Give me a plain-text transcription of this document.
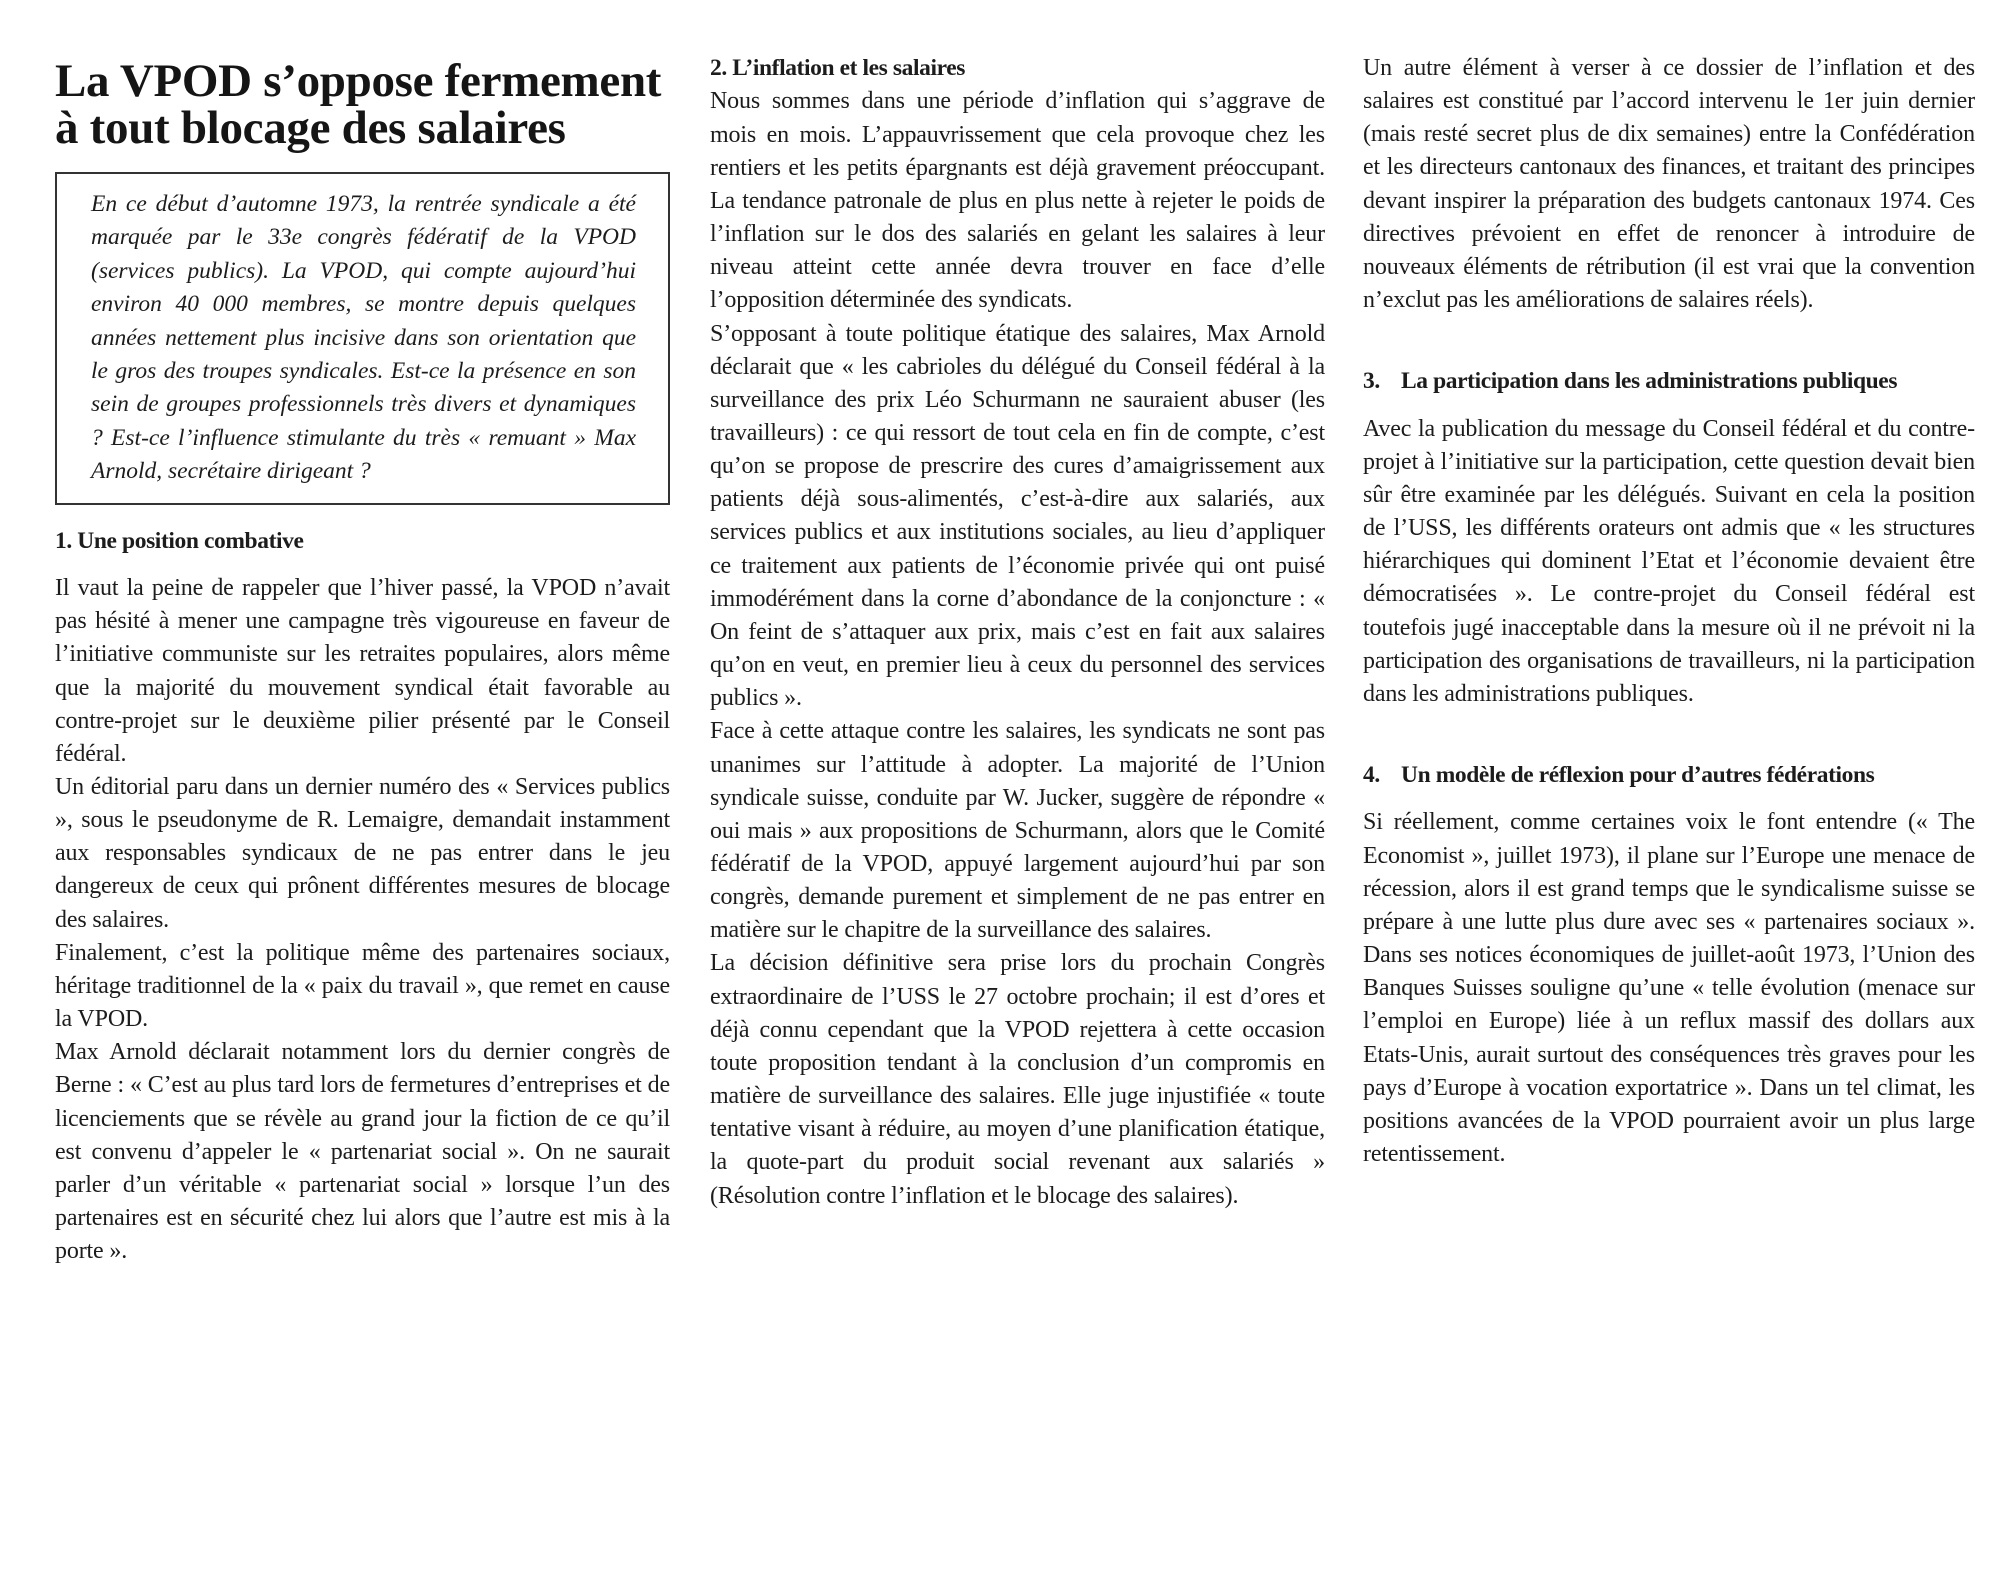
La VPOD s’oppose fermement à tout blocage des salaires
En ce début d’automne 1973, la rentrée syndicale a été marquée par le 33e congrès fédératif de la VPOD (services publics). La VPOD, qui compte aujourd’hui environ 40 000 membres, se montre depuis quelques années nettement plus incisive dans son orientation que le gros des troupes syndicales. Est-ce la présence en son sein de groupes professionnels très divers et dynamiques ? Est-ce l’influence stimulante du très « remuant » Max Arnold, secrétaire dirigeant ?
1. Une position combative

Il vaut la peine de rappeler que l’hiver passé, la VPOD n’avait pas hésité à mener une campagne très vigoureuse en faveur de l’initiative communiste sur les retraites populaires, alors même que la majorité du mouvement syndical était favorable au contre-projet sur le deuxième pilier présenté par le Conseil fédéral.

Un éditorial paru dans un dernier numéro des « Services publics », sous le pseudonyme de R. Lemaigre, demandait instamment aux responsables syndicaux de ne pas entrer dans le jeu dangereux de ceux qui prônent différentes mesures de blocage des salaires.

Finalement, c’est la politique même des partenaires sociaux, héritage traditionnel de la « paix du travail », que remet en cause la VPOD.

Max Arnold déclarait notamment lors du dernier congrès de Berne : « C’est au plus tard lors de fermetures d’entreprises et de licenciements que se révèle au grand jour la fiction de ce qu’il est convenu d’appeler le « partenariat social ». On ne saurait parler d’un véritable « partenariat social » lorsque l’un des partenaires est en sécurité chez lui alors que l’autre est mis à la porte ».

2. L’inflation et les salaires

Nous sommes dans une période d’inflation qui s’aggrave de mois en mois. L’appauvrissement que cela provoque chez les rentiers et les petits épargnants est déjà gravement préoccupant. La tendance patronale de plus en plus nette à rejeter le poids de l’inflation sur le dos des salariés en gelant les salaires à leur niveau atteint cette année devra trouver en face d’elle l’opposition déterminée des syndicats.

S’opposant à toute politique étatique des salaires, Max Arnold déclarait que « les cabrioles du délégué du Conseil fédéral à la surveillance des prix Léo Schurmann ne sauraient abuser (les travailleurs) : ce qui ressort de tout cela en fin de compte, c’est qu’on se propose de prescrire des cures d’amaigrissement aux patients déjà sous-alimentés, c’est-à-dire aux salariés, aux services publics et aux institutions sociales, au lieu d’appliquer ce traitement aux patients de l’économie privée qui ont puisé immodérément dans la corne d’abondance de la conjoncture : « On feint de s’attaquer aux prix, mais c’est en fait aux salaires qu’on en veut, en premier lieu à ceux du personnel des services publics ».

Face à cette attaque contre les salaires, les syndicats ne sont pas unanimes sur l’attitude à adopter. La majorité de l’Union syndicale suisse, conduite par W. Jucker, suggère de répondre « oui mais » aux propositions de Schurmann, alors que le Comité fédératif de la VPOD, appuyé largement aujourd’hui par son congrès, demande purement et simplement de ne pas entrer en matière sur le chapitre de la surveillance des salaires.

La décision définitive sera prise lors du prochain Congrès extraordinaire de l’USS le 27 octobre prochain; il est d’ores et déjà connu cependant que la VPOD rejettera à cette occasion toute proposition tendant à la conclusion d’un compromis en matière de surveillance des salaires. Elle juge injustifiée « toute tentative visant à réduire, au moyen d’une planification étatique, la quote-part du produit social revenant aux salariés » (Résolution contre l’inflation et le blocage des salaires).

Un autre élément à verser à ce dossier de l’inflation et des salaires est constitué par l’accord intervenu le 1er juin dernier (mais resté secret plus de dix semaines) entre la Confédération et les directeurs cantonaux des finances, et traitant des principes devant inspirer la préparation des budgets cantonaux 1974. Ces directives prévoient en effet de renoncer à introduire de nouveaux éléments de rétribution (il est vrai que la convention n’exclut pas les améliorations de salaires réels).

3. La participation dans les administrations publiques

Avec la publication du message du Conseil fédéral et du contre-projet à l’initiative sur la participation, cette question devait bien sûr être examinée par les délégués. Suivant en cela la position de l’USS, les différents orateurs ont admis que « les structures hiérarchiques qui dominent l’Etat et l’économie devaient être démocratisées ». Le contre-projet du Conseil fédéral est toutefois jugé inacceptable dans la mesure où il ne prévoit ni la participation des organisations de travailleurs, ni la participation dans les administrations publiques.

4. Un modèle de réflexion pour d’autres fédérations

Si réellement, comme certaines voix le font entendre (« The Economist », juillet 1973), il plane sur l’Europe une menace de récession, alors il est grand temps que le syndicalisme suisse se prépare à une lutte plus dure avec ses « partenaires sociaux ». Dans ses notices économiques de juillet-août 1973, l’Union des Banques Suisses souligne qu’une « telle évolution (menace sur l’emploi en Europe) liée à un reflux massif des dollars aux Etats-Unis, aurait surtout des conséquences très graves pour les pays d’Europe à vocation exportatrice ». Dans un tel climat, les positions avancées de la VPOD pourraient avoir un plus large retentissement.
